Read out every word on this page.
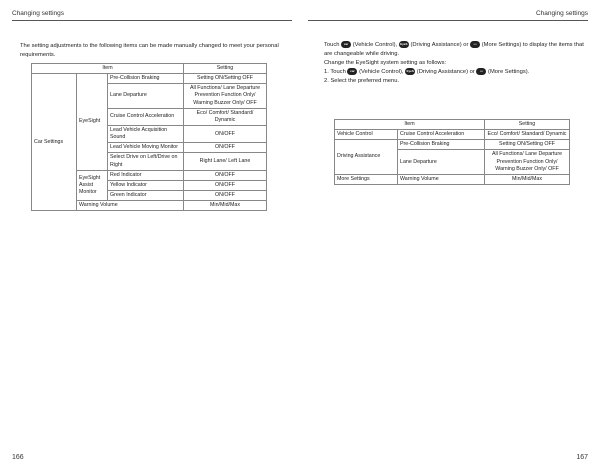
Changing settings
The setting adjustments to the following items can be made manually changed to meet your personal requirements.
Item			Setting
Car Settings	EyeSight	Pre-Collision Braking	Setting ON/Setting OFF
		Lane Departure	All Functions/ Lane Departure Prevention Function Only/ Warning Buzzer Only/ OFF
		Cruise Control Acceleration	Eco/ Comfort/ Standard/ Dynamic
		Lead Vehicle Acquisition Sound	ON/OFF
		Lead Vehicle Moving Monitor	ON/OFF
		Select Drive on Left/Drive on Right	Right Lane/ Left Lane
	EyeSight Assist Monitor	Red Indicator	ON/OFF
		Yellow Indicator	ON/OFF
		Green Indicator	ON/OFF
	Warning Volume		Min/Mid/Max
166
Changing settings
Touch car (Vehicle Control), EyeS (Driving Assistance) or ••• (More Settings) to display the items that are changeable while driving.
Change the EyeSight system setting as follows:
1. Touch car (Vehicle Control), EyeS (Driving Assistance) or ••• (More Settings).
2. Select the preferred menu.
Item		Setting
Vehicle Control	Cruise Control Acceleration	Eco/ Comfort/ Standard/ Dynamic
Driving Assistance	Pre-Collision Braking	Setting ON/Setting OFF
	Lane Departure	All Functions/ Lane Departure Prevention Function Only/ Warning Buzzer Only/ OFF
More Settings	Warning Volume	Min/Mid/Max
167
